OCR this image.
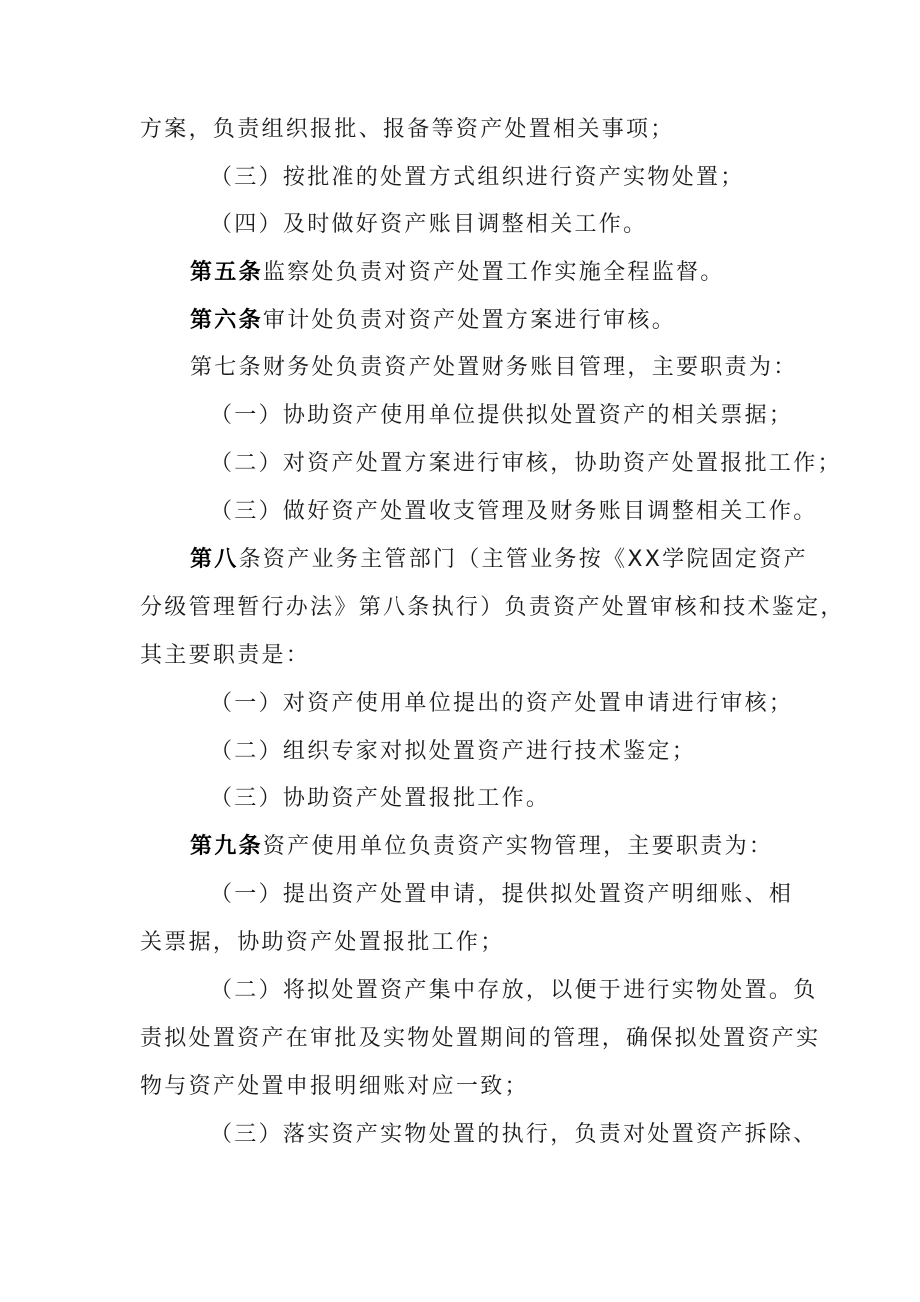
方案，负责组织报批、报备等资产处置相关事项；
（三）按批准的处置方式组织进行资产实物处置；
（四）及时做好资产账目调整相关工作。
第五条监察处负责对资产处置工作实施全程监督。
第六条审计处负责对资产处置方案进行审核。
第七条财务处负责资产处置财务账目管理，主要职责为：
（一）协助资产使用单位提供拟处置资产的相关票据；
（二）对资产处置方案进行审核，协助资产处置报批工作；
（三）做好资产处置收支管理及财务账目调整相关工作。
第八条资产业务主管部门（主管业务按《XX学院固定资产
分级管理暂行办法》第八条执行）负责资产处置审核和技术鉴定，
其主要职责是：
（一）对资产使用单位提出的资产处置申请进行审核；
（二）组织专家对拟处置资产进行技术鉴定；
（三）协助资产处置报批工作。
第九条资产使用单位负责资产实物管理，主要职责为：
（一）提出资产处置申请，提供拟处置资产明细账、相
关票据，协助资产处置报批工作；
（二）将拟处置资产集中存放，以便于进行实物处置。负
责拟处置资产在审批及实物处置期间的管理，确保拟处置资产实
物与资产处置申报明细账对应一致；
（三）落实资产实物处置的执行，负责对处置资产拆除、
